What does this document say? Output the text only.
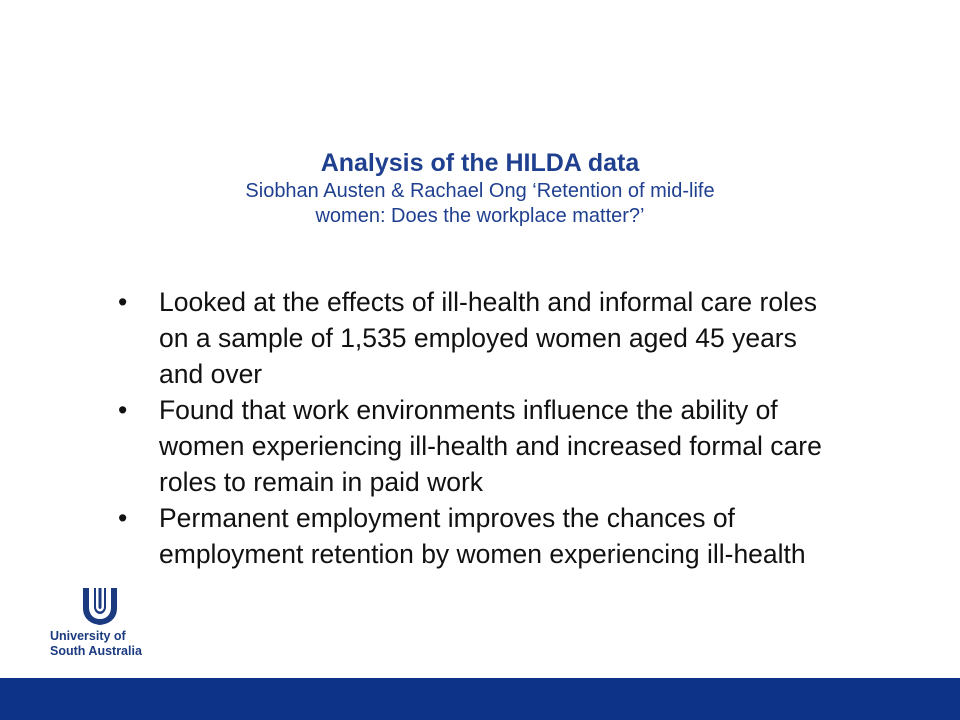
Analysis of the HILDA data
Siobhan Austen & Rachael Ong ‘Retention of mid-life
women: Does the workplace matter?’
•	Looked at the effects of ill-health and informal care roles on a sample of 1,535 employed women aged 45 years and over
•	Found that work environments influence the ability of women experiencing ill-health and increased formal care roles to remain in paid work
•	Permanent employment improves the chances of employment retention by women experiencing ill-health
University of
South Australia
